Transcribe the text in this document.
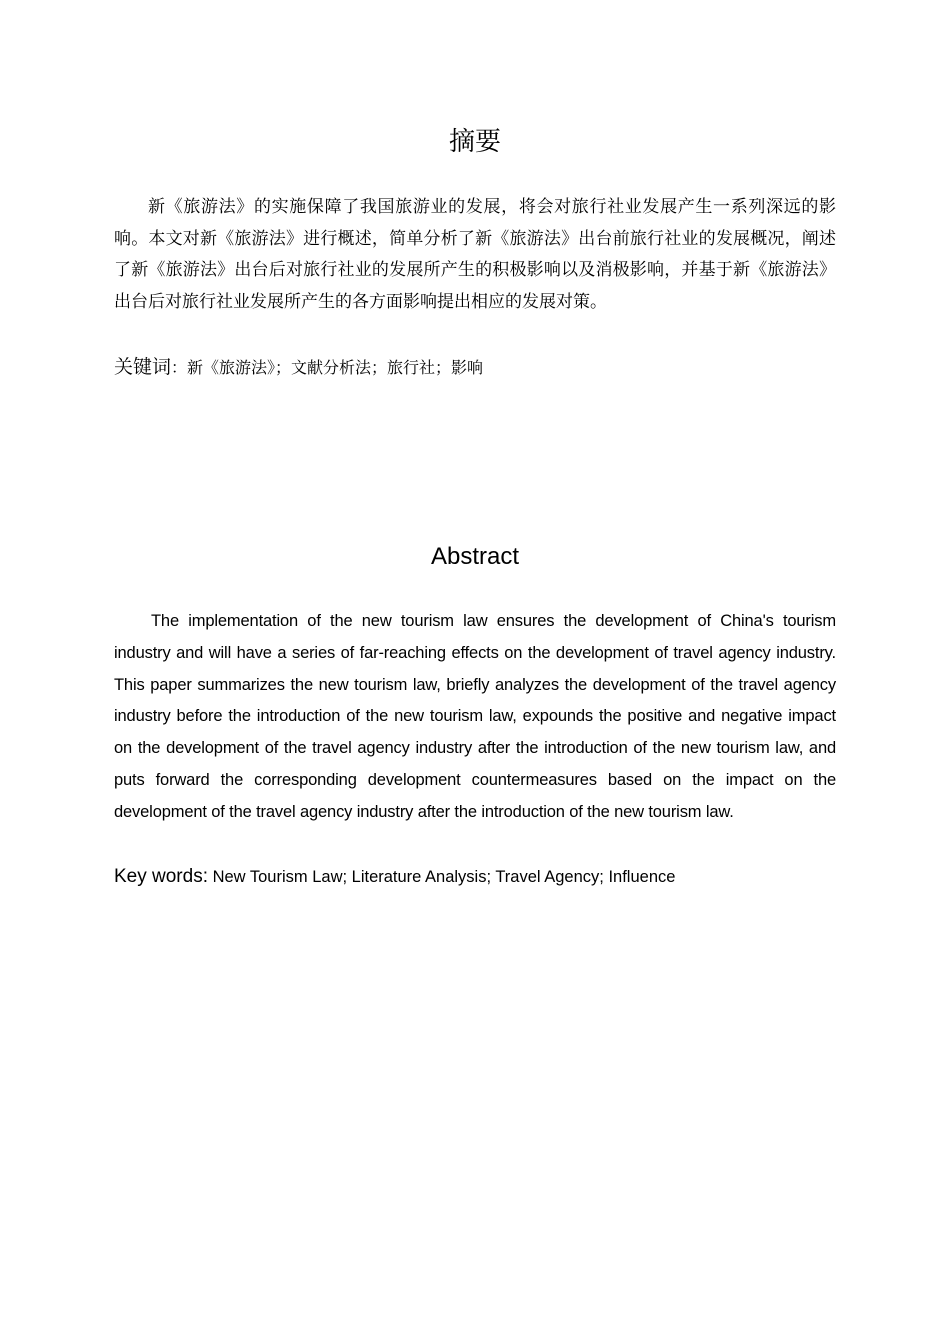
摘要

新《旅游法》的实施保障了我国旅游业的发展，将会对旅行社业发展产生一系列深远的影响。本文对新《旅游法》进行概述，简单分析了新《旅游法》出台前旅行社业的发展概况，阐述了新《旅游法》出台后对旅行社业的发展所产生的积极影响以及消极影响，并基于新《旅游法》出台后对旅行社业发展所产生的各方面影响提出相应的发展对策。

关键词：新《旅游法》；文献分析法；旅行社；影响
Abstract

The implementation of the new tourism law ensures the development of China's tourism industry and will have a series of far-reaching effects on the development of travel agency industry. This paper summarizes the new tourism law, briefly analyzes the development of the travel agency industry before the introduction of the new tourism law, expounds the positive and negative impact on the development of the travel agency industry after the introduction of the new tourism law, and puts forward the corresponding development countermeasures based on the impact on the development of the travel agency industry after the introduction of the new tourism law.

Key words: New Tourism Law; Literature Analysis; Travel Agency; Influence
